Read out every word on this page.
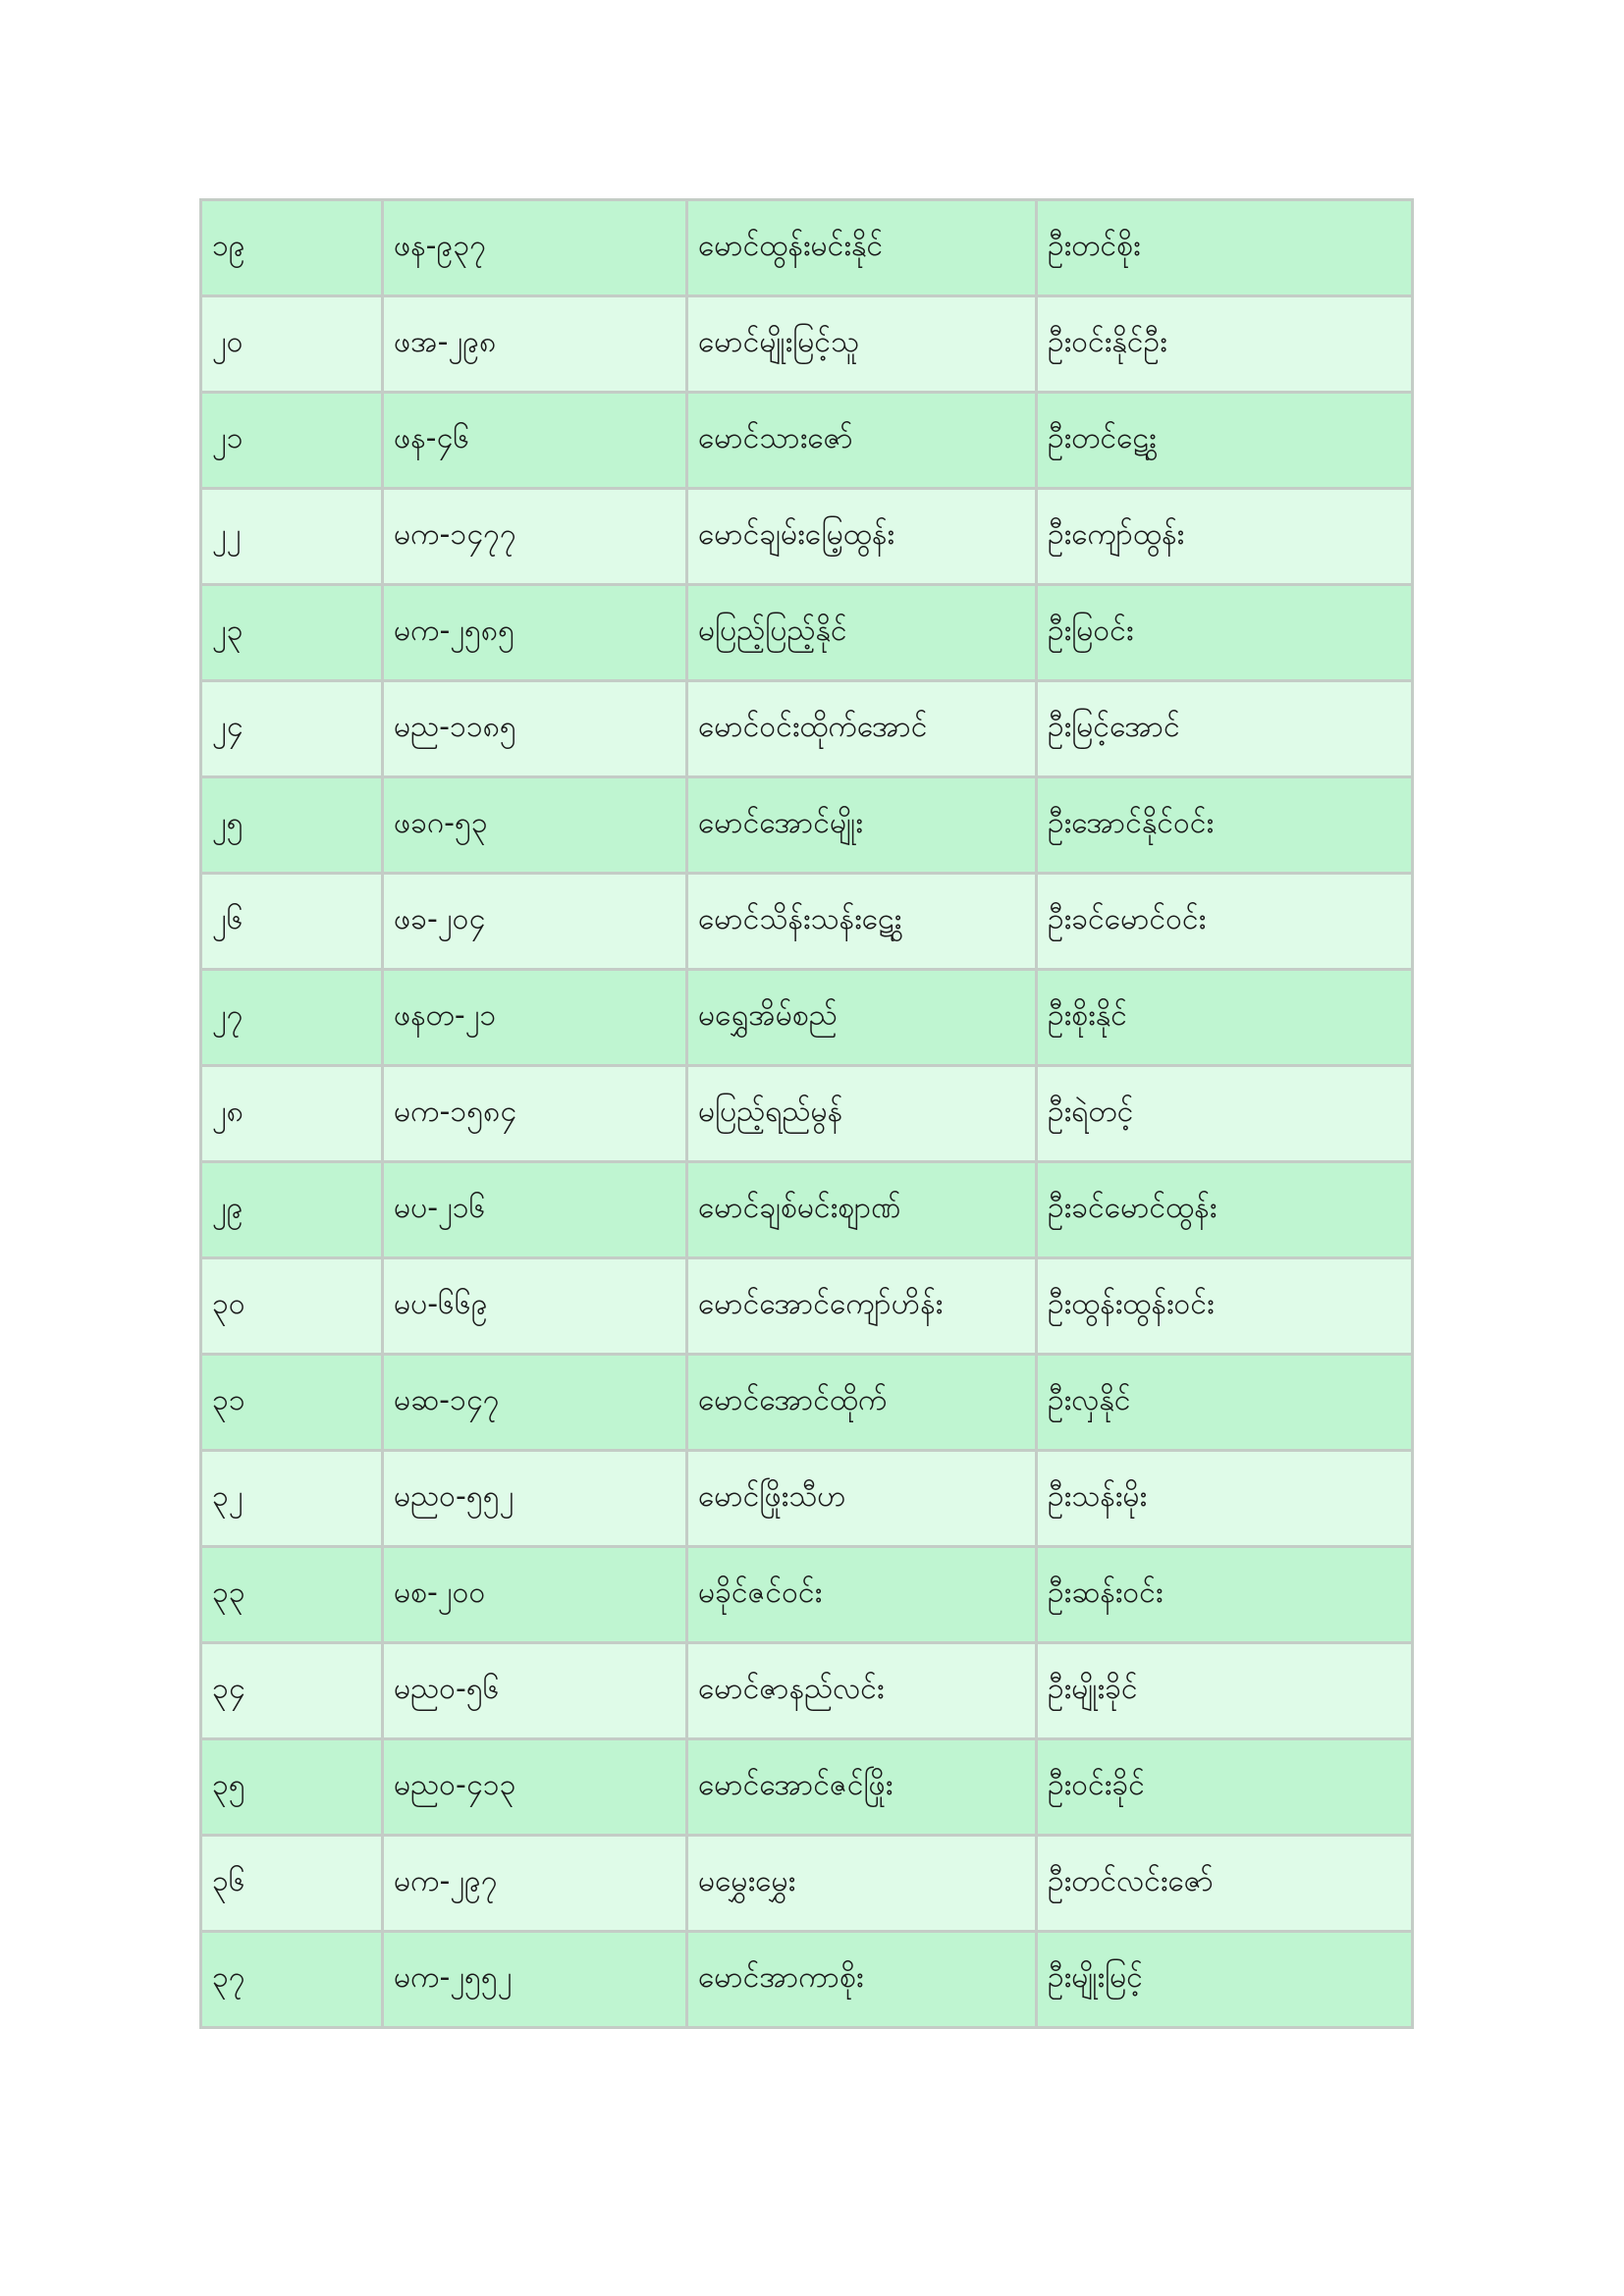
၁၉	ဖန-၉၃၇	မောင်ထွန်းမင်းနိုင်	ဦးတင်စိုး
၂၀	ဖအ-၂၉၈	မောင်မျိုးမြင့်သူ	ဦးဝင်းနိုင်ဦး
၂၁	ဖန-၄၆	မောင်သားဇော်	ဦးတင်ဋွေး
၂၂	မက-၁၄၇၇	မောင်ချမ်းမြေ့ထွန်း	ဦးကျော်ထွန်း
၂၃	မက-၂၅၈၅	မပြည့်ပြည့်နိုင်	ဦးမြဝင်း
၂၄	မည-၁၁၈၅	မောင်ဝင်းထိုက်အောင်	ဦးမြင့်အောင်
၂၅	ဖခဂ-၅၃	မောင်အောင်မျိုး	ဦးအောင်နိုင်ဝင်း
၂၆	ဖခ-၂၀၄	မောင်သိန်းသန်းဋွေး	ဦးခင်မောင်ဝင်း
၂၇	ဖနတ-၂၁	မရွှေအိမ်စည်	ဦးစိုးနိုင်
၂၈	မက-၁၅၈၄	မပြည့်ရည်မွန်	ဦးရဲတင့်
၂၉	မပ-၂၁၆	မောင်ချစ်မင်းစျာဏ်	ဦးခင်မောင်ထွန်း
၃၀	မပ-၆၆၉	မောင်အောင်ကျော်ဟိန်း	ဦးထွန်းထွန်းဝင်း
၃၁	မဆ-၁၄၇	မောင်အောင်ထိုက်	ဦးလှနိုင်
၃၂	မည၀-၅၅၂	မောင်ဖြိုးသီဟ	ဦးသန်းမိုး
၃၃	မစ-၂၀၀	မခိုင်ဇင်ဝင်း	ဦးဆန်းဝင်း
၃၄	မည၀-၅၆	မောင်ဇာနည်လင်း	ဦးမျိုးခိုင်
၃၅	မည၀-၄၁၃	မောင်အောင်ဇင်ဖြိုး	ဦးဝင်းခိုင်
၃၆	မက-၂၉၇	မမွှေးမွှေး	ဦးတင်လင်းဇော်
၃၇	မက-၂၅၅၂	မောင်အာကာစိုး	ဦးမျိုးမြင့်
